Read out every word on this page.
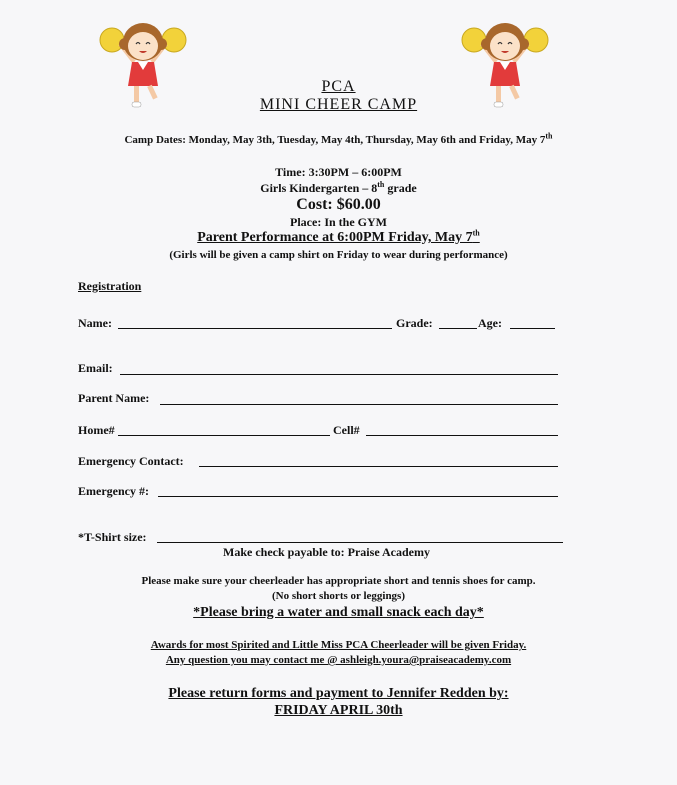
PCA
MINI CHEER CAMP
Camp Dates: Monday, May 3th, Tuesday, May 4th, Thursday, May 6th and Friday, May 7th
Time: 3:30PM – 6:00PM
Girls Kindergarten – 8th grade
Cost: $60.00
Place: In the GYM
Parent Performance at 6:00PM Friday, May 7th
(Girls will be given a camp shirt on Friday to wear during performance)
Registration
Name:	Grade:	Age:
Email:
Parent Name:
Home#	Cell#
Emergency Contact:
Emergency #:
*T-Shirt size:
Make check payable to: Praise Academy
Please make sure your cheerleader has appropriate short and tennis shoes for camp.
(No short shorts or leggings)
*Please bring a water and small snack each day*
Awards for most Spirited and Little Miss PCA Cheerleader will be given Friday.
Any question you may contact me @ ashleigh.youra@praiseacademy.com
Please return forms and payment to Jennifer Redden by:
FRIDAY APRIL 30th
